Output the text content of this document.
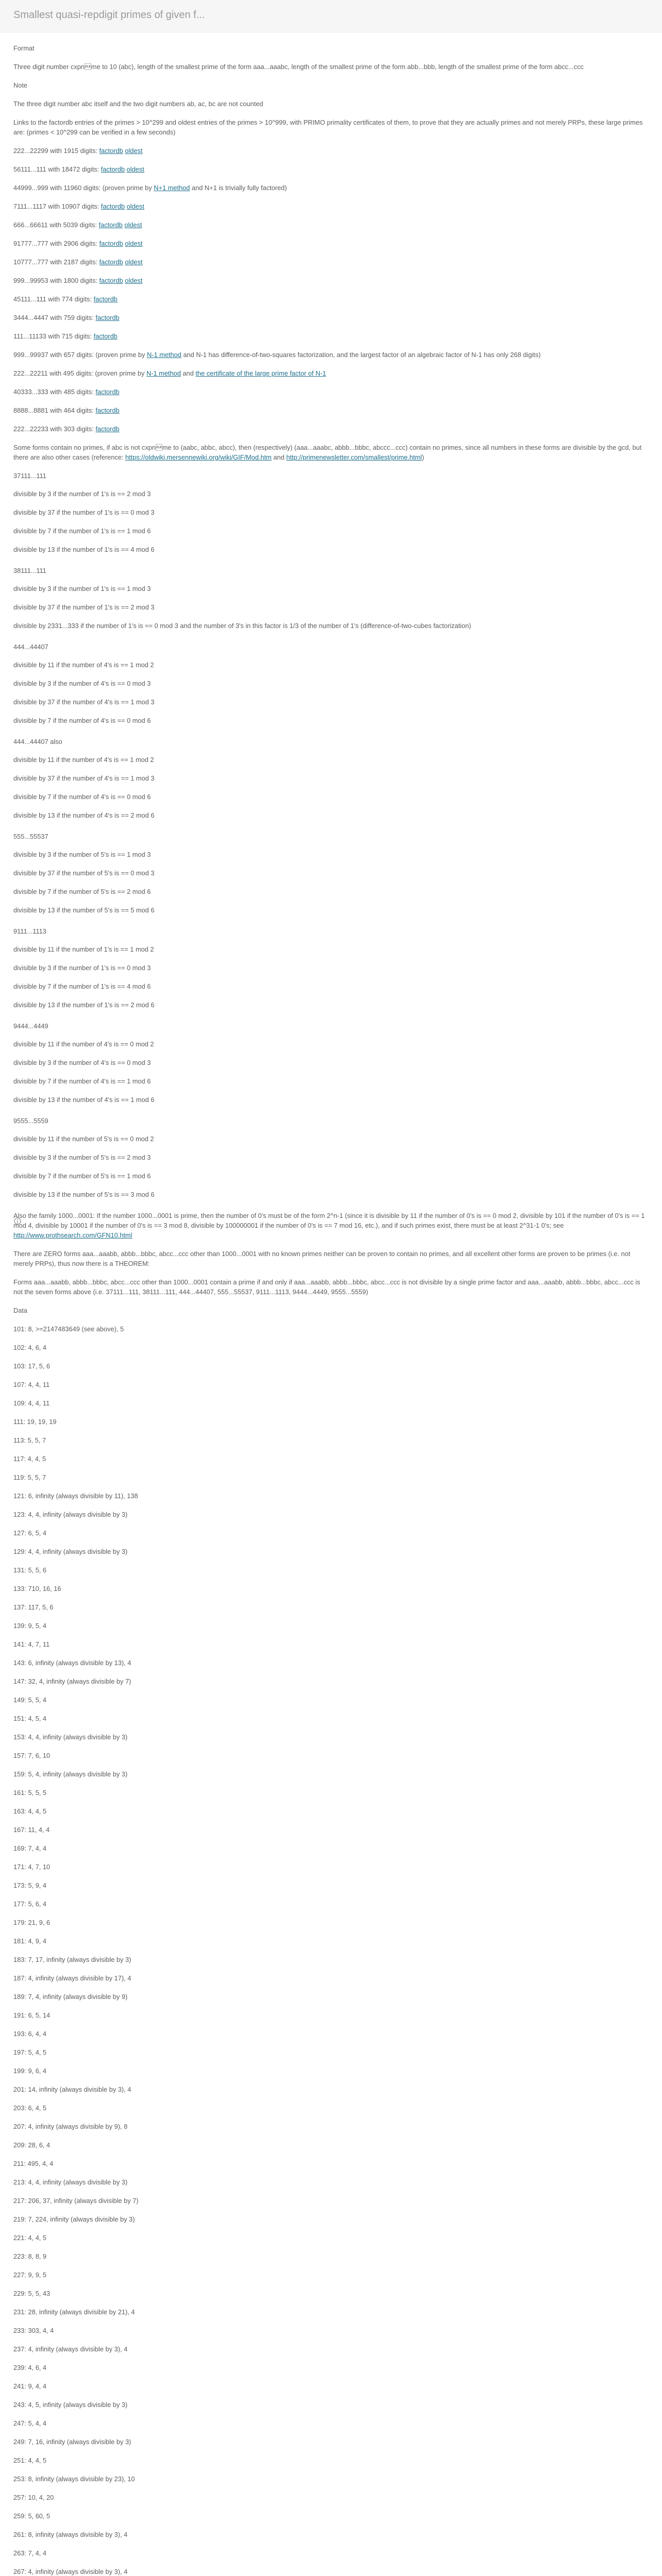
Smallest quasi-repdigit primes of given f...

Format

Three digit number cxpnme to 10 (abc), length of the smallest prime of the form aaa...aaabc, length of the smallest prime of the form abb...bbb, length of the smallest prime of the form abcc...ccc

Note

The three digit number abc itself and the two digit numbers ab, ac, bc are not counted

Links to the factordb entries of the primes > 10^299 and oldest entries of the primes > 10^999, with PRIMO primality certificates of them, to prove that they are actually primes and not merely PRPs, these large primes are: (primes < 10^299 can be verified in a few seconds)

222...22299 with 1915 digits: factordb oldest

56111...111 with 18472 digits: factordb oldest

44999...999 with 11960 digits: (proven prime by N+1 method and N+1 is trivially fully factored)

7111...1117 with 10907 digits: factordb oldest

666...66611 with 5039 digits: factordb oldest

91777...777 with 2906 digits: factordb oldest

10777...777 with 2187 digits: factordb oldest

999...99953 with 1800 digits: factordb oldest

45111...111 with 774 digits: factordb

3444...4447 with 759 digits: factordb

111...11133 with 715 digits: factordb

999...99937 with 657 digits: (proven prime by N-1 method and N-1 has difference-of-two-squares factorization, and the largest factor of an algebraic factor of N-1 has only 268 digits)

222...22211 with 495 digits: (proven prime by N-1 method and the certificate of the large prime factor of N-1

40333...333 with 485 digits: factordb

8888...8881 with 464 digits: factordb

222...22233 with 303 digits: factordb

Some forms contain no primes, if abc is not cxpnme to (aabc, abbc, abcc), then (respectively) (aaa...aaabc, abbb...bbbc, abccc...ccc) contain no primes, since all numbers in these forms are divisible by the gcd, but there are also other cases (reference: https://oldwiki.mersennewiki.org/wiki/GIF/Mod.htm and http://primenewsletter.com/smallest/prime.html)

37111...111

divisible by 3 if the number of 1's is == 2 mod 3

divisible by 37 if the number of 1's is == 0 mod 3

divisible by 7 if the number of 1's is == 1 mod 6

divisible by 13 if the number of 1's is == 4 mod 6

38111...111

divisible by 3 if the number of 1's is == 1 mod 3

divisible by 37 if the number of 1's is == 2 mod 3

divisible by 2331...333 if the number of 1's is == 0 mod 3 and the number of 3's in this factor is 1/3 of the number of 1's (difference-of-two-cubes factorization)

444...44407

divisible by 11 if the number of 4's is == 1 mod 2

divisible by 3 if the number of 4's is == 0 mod 3

divisible by 37 if the number of 4's is == 1 mod 3

divisible by 7 if the number of 4's is == 0 mod 6

444...44407 also

divisible by 11 if the number of 4's is == 1 mod 2

divisible by 37 if the number of 4's is == 1 mod 3

divisible by 7 if the number of 4's is == 0 mod 6

divisible by 13 if the number of 4's is == 2 mod 6

555...55537

divisible by 3 if the number of 5's is == 1 mod 3

divisible by 37 if the number of 5's is == 0 mod 3

divisible by 7 if the number of 5's is == 2 mod 6

divisible by 13 if the number of 5's is == 5 mod 6

9111...1113

divisible by 11 if the number of 1's is == 1 mod 2

divisible by 3 if the number of 1's is == 0 mod 3

divisible by 7 if the number of 1's is == 4 mod 6

divisible by 13 if the number of 1's is == 2 mod 6

9444...4449

divisible by 11 if the number of 4's is == 0 mod 2

divisible by 3 if the number of 4's is == 0 mod 3

divisible by 7 if the number of 4's is == 1 mod 6

divisible by 13 if the number of 4's is == 1 mod 6

9555...5559

divisible by 11 if the number of 5's is == 0 mod 2

divisible by 3 if the number of 5's is == 2 mod 3

divisible by 7 if the number of 5's is == 1 mod 6

divisible by 13 if the number of 5's is == 3 mod 6

Also the family 1000...0001: If the number 1000...0001 is prime, then the number of 0's must be of the form 2^n-1 (since it is divisible by 11 if the number of 0's is == 0 mod 2, divisible by 101 if the number of 0's is == 1 mod 4, divisible by 10001 if the number of 0's is == 3 mod 8, divisible by 100000001 if the number of 0's is == 7 mod 16, etc.), and if such primes exist, there must be at least 2^31-1 0's; see http://www.prothsearch.com/GFN10.html

There are ZERO forms aaa...aaabb, abbb...bbbc, abcc...ccc other than 1000...0001 with no known primes neither can be proven to contain no primes, and all excellent other forms are proven to be primes (i.e. not merely PRPs), thus now there is a THEOREM:

Forms aaa...aaabb, abbb...bbbc, abcc...ccc other than 1000...0001 contain a prime if and only if aaa...aaabb, abbb...bbbc, abcc...ccc is not divisible by a single prime factor and aaa...aaabb, abbb...bbbc, abcc...ccc is not the seven forms above (i.e. 37111...111, 38111...111, 444...44407, 555...55537, 9111...1113, 9444...4449, 9555...5559)

Data

101: 8, >=2147483649 (see above), 5

102: 4, 6, 4

103: 17, 5, 6

107: 4, 4, 11

109: 4, 4, 11

111: 19, 19, 19

113: 5, 5, 7

117: 4, 4, 5

119: 5, 5, 7

121: 6, infinity (always divisible by 11), 138

123: 4, 4, infinity (always divisible by 3)

127: 6, 5, 4

129: 4, 4, infinity (always divisible by 3)

131: 5, 5, 6

133: 710, 16, 16

137: 117, 5, 6

139: 9, 5, 4

141: 4, 7, 11

143: 6, infinity (always divisible by 13), 4

147: 32, 4, infinity (always divisible by 7)

149: 5, 5, 4

151: 4, 5, 4

153: 4, 4, infinity (always divisible by 3)

157: 7, 6, 10

159: 5, 4, infinity (always divisible by 3)

161: 5, 5, 5

163: 4, 4, 5

167: 11, 4, 4

169: 7, 4, 4

171: 4, 7, 10

173: 5, 9, 4

177: 5, 6, 4

179: 21, 9, 6

181: 4, 9, 4

183: 7, 17, infinity (always divisible by 3)

187: 4, infinity (always divisible by 17), 4

189: 7, 4, infinity (always divisible by 9)

191: 6, 5, 14

193: 6, 4, 4

197: 5, 4, 5

199: 9, 6, 4

201: 14, infinity (always divisible by 3), 4

203: 6, 4, 5

207: 4, infinity (always divisible by 9), 8

209: 28, 6, 4

211: 495, 4, 4

213: 4, 4, infinity (always divisible by 3)

217: 206, 37, infinity (always divisible by 7)

219: 7, 224, infinity (always divisible by 3)

221: 4, 4, 5

223: 8, 8, 9

227: 9, 9, 5

229: 5, 5, 43

231: 28, infinity (always divisible by 21), 4

233: 303, 4, 4

237: 4, infinity (always divisible by 3), 4

239: 4, 6, 4

241: 9, 4, 4

243: 4, 5, infinity (always divisible by 3)

247: 5, 4, 4

249: 7, 16, infinity (always divisible by 3)

251: 4, 4, 5

253: 8, infinity (always divisible by 23), 10

257: 10, 4, 20

259: 5, 60, 5

261: 8, infinity (always divisible by 3), 4

263: 7, 4, 4

267: 4, infinity (always divisible by 3), 4
